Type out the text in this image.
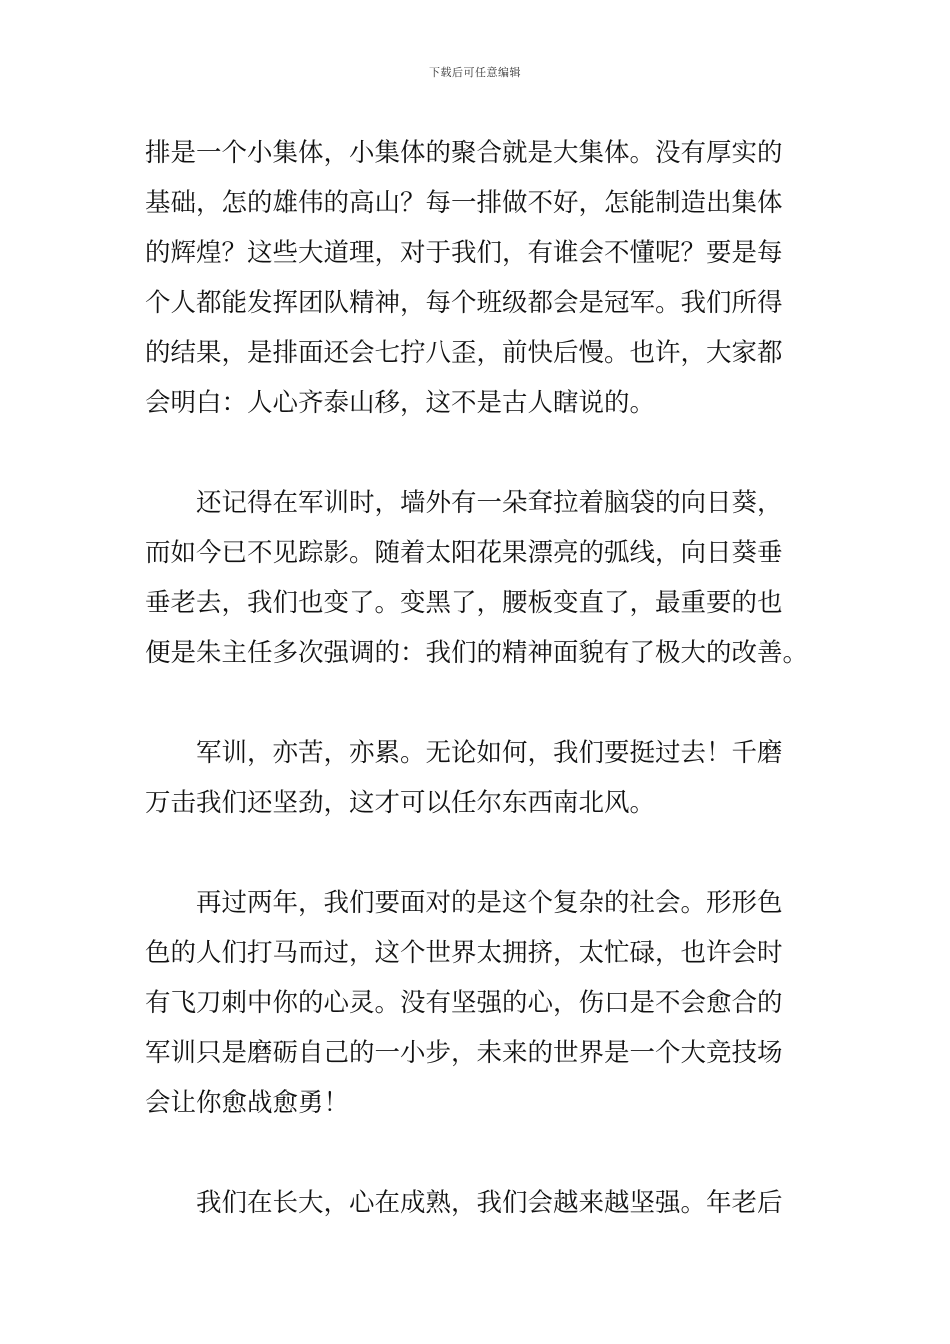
下载后可任意编辑

排是一个小集体，小集体的聚合就是大集体。没有厚实的
基础，怎的雄伟的高山？每一排做不好，怎能制造出集体
的辉煌？这些大道理，对于我们，有谁会不懂呢？要是每
个人都能发挥团队精神，每个班级都会是冠军。我们所得
的结果，是排面还会七拧八歪，前快后慢。也许，大家都
会明白：人心齐泰山移，这不是古人瞎说的。

　　还记得在军训时，墙外有一朵耷拉着脑袋的向日葵，
而如今已不见踪影。随着太阳花果漂亮的弧线，向日葵垂
垂老去，我们也变了。变黑了，腰板变直了，最重要的也
便是朱主任多次强调的：我们的精神面貌有了极大的改善。

　　军训，亦苦，亦累。无论如何，我们要挺过去！千磨
万击我们还坚劲，这才可以任尔东西南北风。

　　再过两年，我们要面对的是这个复杂的社会。形形色
色的人们打马而过，这个世界太拥挤，太忙碌，也许会时
有飞刀刺中你的心灵。没有坚强的心，伤口是不会愈合的
军训只是磨砺自己的一小步，未来的世界是一个大竞技场
会让你愈战愈勇！

　　我们在长大，心在成熟，我们会越来越坚强。年老后
